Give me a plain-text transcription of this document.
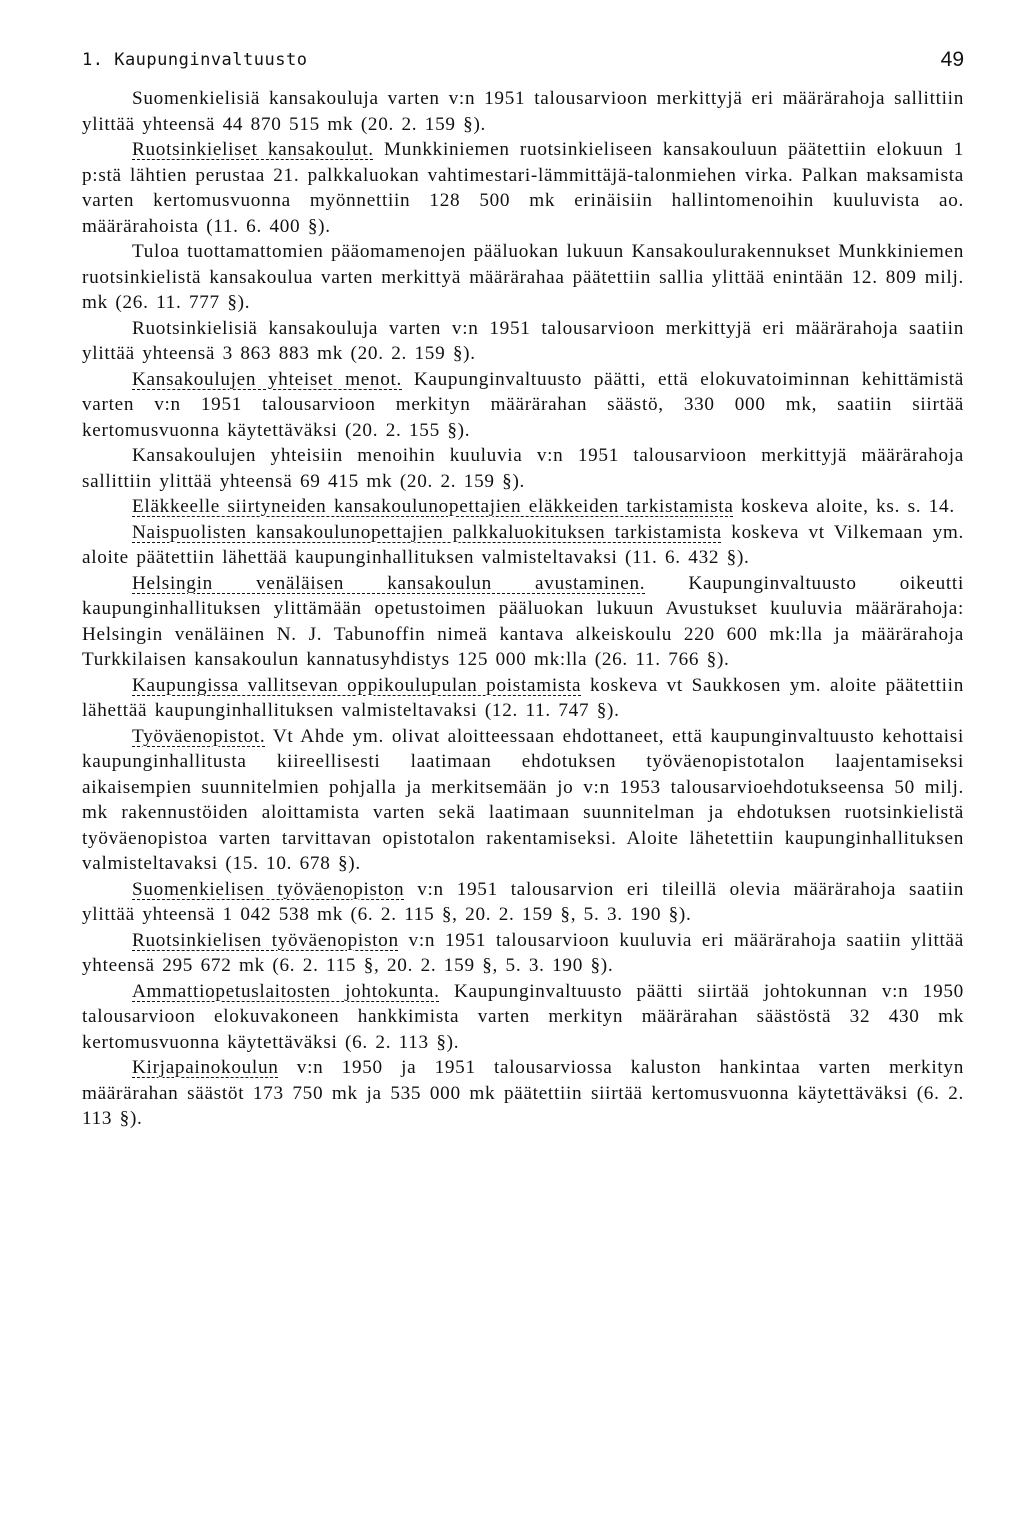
1. Kaupunginvaltuusto	49

Suomenkielisiä kansakouluja varten v:n 1951 talousarvioon merkittyjä eri määrärahoja sallittiin ylittää yhteensä 44 870 515 mk (20. 2. 159 §).

Ruotsinkieliset kansakoulut. Munkkiniemen ruotsinkieliseen kansakouluun päätettiin elokuun 1 p:stä lähtien perustaa 21. palkkaluokan vahtimestari-lämmittäjä-talonmiehen virka. Palkan maksamista varten kertomusvuonna myönnettiin 128 500 mk erinäisiin hallintomenoihin kuuluvista ao. määrärahoista (11. 6. 400 §).

Tuloa tuottamattomien pääomamenojen pääluokan lukuun Kansakoulurakennukset Munkkiniemen ruotsinkielistä kansakoulua varten merkittyä määrärahaa päätettiin sallia ylittää enintään 12. 809 milj. mk (26. 11. 777 §).

Ruotsinkielisiä kansakouluja varten v:n 1951 talousarvioon merkittyjä eri määrärahoja saatiin ylittää yhteensä 3 863 883 mk (20. 2. 159 §).

Kansakoulujen yhteiset menot. Kaupunginvaltuusto päätti, että elokuvatoiminnan kehittämistä varten v:n 1951 talousarvioon merkityn määrärahan säästö, 330 000 mk, saatiin siirtää kertomusvuonna käytettäväksi (20. 2. 155 §).

Kansakoulujen yhteisiin menoihin kuuluvia v:n 1951 talousarvioon merkittyjä määrärahoja sallittiin ylittää yhteensä 69 415 mk (20. 2. 159 §).

Eläkkeelle siirtyneiden kansakoulunopettajien eläkkeiden tarkistamista koskeva aloite, ks. s. 14.

Naispuolisten kansakoulunopettajien palkkaluokituksen tarkistamista koskeva vt Vilkemaan ym. aloite päätettiin lähettää kaupunginhallituksen valmisteltavaksi (11. 6. 432 §).

Helsingin venäläisen kansakoulun avustaminen. Kaupunginvaltuusto oikeutti kaupunginhallituksen ylittämään opetustoimen pääluokan lukuun Avustukset kuuluvia määrärahoja: Helsingin venäläinen N. J. Tabunoffin nimeä kantava alkeiskoulu 220 600 mk:lla ja määrärahoja Turkkilaisen kansakoulun kannatusyhdistys 125 000 mk:lla (26. 11. 766 §).

Kaupungissa vallitsevan oppikoulupulan poistamista koskeva vt Saukkosen ym. aloite päätettiin lähettää kaupunginhallituksen valmisteltavaksi (12. 11. 747 §).

Työväenopistot. Vt Ahde ym. olivat aloitteessaan ehdottaneet, että kaupunginvaltuusto kehottaisi kaupunginhallitusta kiireellisesti laatimaan ehdotuksen työväenopistotalon laajentamiseksi aikaisempien suunnitelmien pohjalla ja merkitsemään jo v:n 1953 talousarvioehdotukseensa 50 milj. mk rakennustöiden aloittamista varten sekä laatimaan suunnitelman ja ehdotuksen ruotsinkielistä työväenopistoa varten tarvittavan opistotalon rakentamiseksi. Aloite lähetettiin kaupunginhallituksen valmisteltavaksi (15. 10. 678 §).

Suomenkielisen työväenopiston v:n 1951 talousarvion eri tileillä olevia määrärahoja saatiin ylittää yhteensä 1 042 538 mk (6. 2. 115 §, 20. 2. 159 §, 5. 3. 190 §).

Ruotsinkielisen työväenopiston v:n 1951 talousarvioon kuuluvia eri määrärahoja saatiin ylittää yhteensä 295 672 mk (6. 2. 115 §, 20. 2. 159 §, 5. 3. 190 §).

Ammattiopetuslaitosten johtokunta. Kaupunginvaltuusto päätti siirtää johtokunnan v:n 1950 talousarvioon elokuvakoneen hankkimista varten merkityn määrärahan säästöstä 32 430 mk kertomusvuonna käytettäväksi (6. 2. 113 §).

Kirjapainokoulun v:n 1950 ja 1951 talousarviossa kaluston hankintaa varten merkityn määrärahan säästöt 173 750 mk ja 535 000 mk päätettiin siirtää kertomusvuonna käytettäväksi (6. 2. 113 §).
